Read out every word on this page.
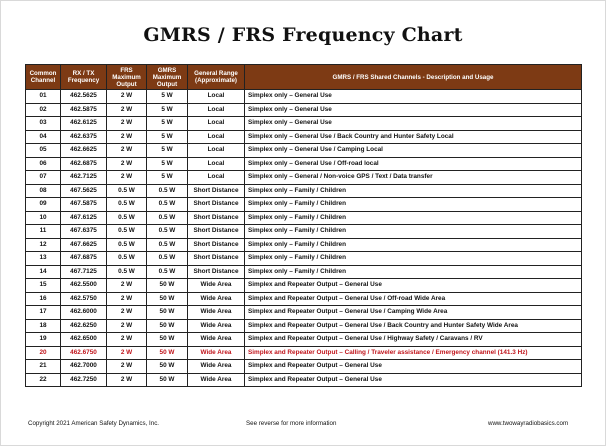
GMRS / FRS Frequency Chart
Common Channel	RX / TX Frequency	FRS Maximum Output	GMRS Maximum Output	General Range (Approximate)	GMRS / FRS Shared Channels - Description and Usage
01	462.5625	2 W	5 W	Local	Simplex only – General Use
02	462.5875	2 W	5 W	Local	Simplex only – General Use
03	462.6125	2 W	5 W	Local	Simplex only – General Use
04	462.6375	2 W	5 W	Local	Simplex only – General Use / Back Country and Hunter Safety Local
05	462.6625	2 W	5 W	Local	Simplex only – General Use / Camping Local
06	462.6875	2 W	5 W	Local	Simplex only – General Use / Off-road local
07	462.7125	2 W	5 W	Local	Simplex only – General / Non-voice GPS / Text / Data transfer
08	467.5625	0.5 W	0.5 W	Short Distance	Simplex only – Family / Children
09	467.5875	0.5 W	0.5 W	Short Distance	Simplex only – Family / Children
10	467.6125	0.5 W	0.5 W	Short Distance	Simplex only – Family / Children
11	467.6375	0.5 W	0.5 W	Short Distance	Simplex only – Family / Children
12	467.6625	0.5 W	0.5 W	Short Distance	Simplex only – Family / Children
13	467.6875	0.5 W	0.5 W	Short Distance	Simplex only – Family / Children
14	467.7125	0.5 W	0.5 W	Short Distance	Simplex only – Family / Children
15	462.5500	2 W	50 W	Wide Area	Simplex and Repeater Output – General Use
16	462.5750	2 W	50 W	Wide Area	Simplex and Repeater Output – General Use / Off-road Wide Area
17	462.6000	2 W	50 W	Wide Area	Simplex and Repeater Output – General Use / Camping Wide Area
18	462.6250	2 W	50 W	Wide Area	Simplex and Repeater Output – General Use / Back Country and Hunter Safety Wide Area
19	462.6500	2 W	50 W	Wide Area	Simplex and Repeater Output – General Use / Highway Safety / Caravans / RV
20	462.6750	2 W	50 W	Wide Area	Simplex and Repeater Output – Calling / Traveler assistance / Emergency channel (141.3 Hz)
21	462.7000	2 W	50 W	Wide Area	Simplex and Repeater Output – General Use
22	462.7250	2 W	50 W	Wide Area	Simplex and Repeater Output – General Use
Copyright 2021 American Safety Dynamics, Inc.	See reverse for more information	www.twowayradiobasics.com
